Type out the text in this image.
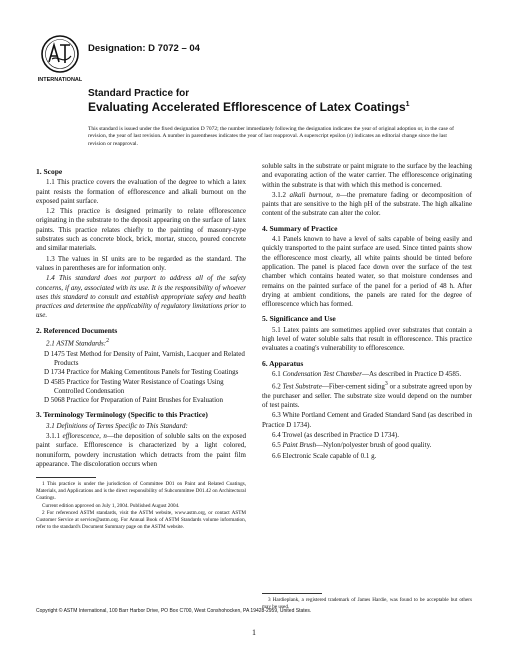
INTERNATIONAL
Designation: D 7072 – 04
Standard Practice for
Evaluating Accelerated Efflorescence of Latex Coatings$^1$
This standard is issued under the fixed designation D 7072; the number immediately following the designation indicates the year of original adoption or, in the case of revision, the year of last revision. A number in parentheses indicates the year of last reapproval. A superscript epsilon (ε) indicates an editorial change since the last revision or reapproval.
1. Scope

1.1 This practice covers the evaluation of the degree to which a latex paint resists the formation of efflorescence and alkali burnout on the exposed paint surface.

1.2 This practice is designed primarily to relate efflorescence originating in the substrate to the deposit appearing on the surface of latex paints. This practice relates chiefly to the painting of masonry-type substrates such as concrete block, brick, mortar, stucco, poured concrete and similar materials.

1.3 The values in SI units are to be regarded as the standard. The values in parentheses are for information only.

1.4 This standard does not purport to address all of the safety concerns, if any, associated with its use. It is the responsibility of whoever uses this standard to consult and establish appropriate safety and health practices and determine the applicability of regulatory limitations prior to use.

2. Referenced Documents

2.1 ASTM Standards:$^2$

D 1475 Test Method for Density of Paint, Varnish, Lacquer and Related Products

D 1734 Practice for Making Cementitous Panels for Testing Coatings

D 4585 Practice for Testing Water Resistance of Coatings Using Controlled Condensation

D 5068 Practice for Preparation of Paint Brushes for Evaluation

3. Terminology Terminology (Specific to this Practice)

3.1 Definitions of Terms Specific to This Standard:

3.1.1 efflorescence, n—the deposition of soluble salts on the exposed paint surface. Efflorescence is characterized by a light colored, nonuniform, powdery incrustation which detracts from the paint film appearance. The discoloration occurs when

1 This practice is under the jurisdiction of Committee D01 on Paint and Related Coatings, Materials, and Applications and is the direct responsibility of Subcommittee D01.42 on Architectural Coatings.

Current edition approved on July 1, 2004. Published August 2004.

2 For referenced ASTM standards, visit the ASTM website, www.astm.org, or contact ASTM Customer Service at service@astm.org. For Annual Book of ASTM Standards volume information, refer to the standard's Document Summary page on the ASTM website.

soluble salts in the substrate or paint migrate to the surface by the leaching and evaporating action of the water carrier. The efflorescence originating within the substrate is that with which this method is concerned.

3.1.2 alkali burnout, n—the premature fading or decomposition of paints that are sensitive to the high pH of the substrate. The high alkaline content of the substrate can alter the color.

4. Summary of Practice

4.1 Panels known to have a level of salts capable of being easily and quickly transported to the paint surface are used. Since tinted paints show the efflorescence most clearly, all white paints should be tinted before application. The panel is placed face down over the surface of the test chamber which contains heated water, so that moisture condenses and remains on the painted surface of the panel for a period of 48 h. After drying at ambient conditions, the panels are rated for the degree of efflorescence which has formed.

5. Significance and Use

5.1 Latex paints are sometimes applied over substrates that contain a high level of water soluble salts that result in efflorescence. This practice evaluates a coating's vulnerability to efflorescence.

6. Apparatus

6.1 Condensation Test Chamber—As described in Practice D 4585.

6.2 Test Substrate—Fiber-cement siding$^3$ or a substrate agreed upon by the purchaser and seller. The substrate size would depend on the number of test paints.

6.3 White Portland Cement and Graded Standard Sand (as described in Practice D 1734).

6.4 Trowel (as described in Practice D 1734).

6.5 Paint Brush—Nylon/polyester brush of good quality.

6.6 Electronic Scale capable of 0.1 g.

3 Hardieplank, a registered trademark of James Hardie, was found to be acceptable but others may be used.

Copyright © ASTM International, 100 Barr Harbor Drive, PO Box C700, West Conshohocken, PA 19428-2959, United States.
1
